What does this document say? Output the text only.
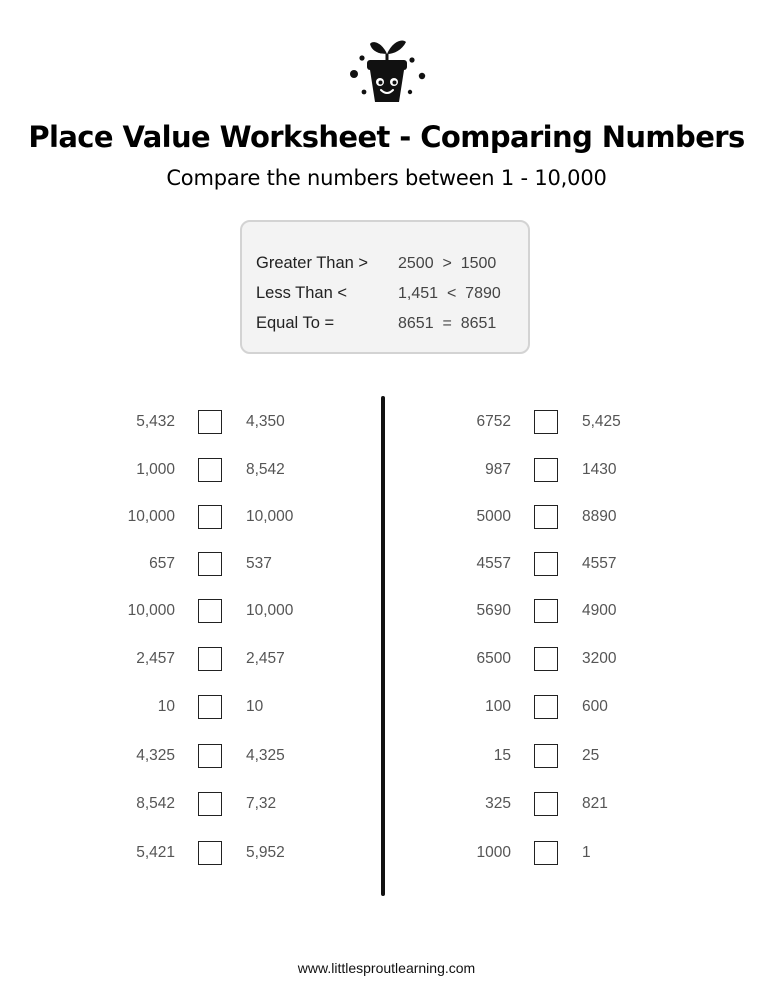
Place Value Worksheet - Comparing Numbers
Compare the numbers between 1 - 10,000
Greater Than > 2500 > 1500
Less Than <	1,451 < 7890
Equal To =	8651 = 8651
5,432	4,350
1,000	8,542
10,000	10,000
657	537
10,000	10,000
2,457	2,457
10	10
4,325	4,325
8,542	7,32
5,421	5,952
6752	5,425
987	1430
5000	8890
4557	4557
5690	4900
6500	3200
100	600
15	25
325	821
1000	1
www.littlesproutlearning.com
